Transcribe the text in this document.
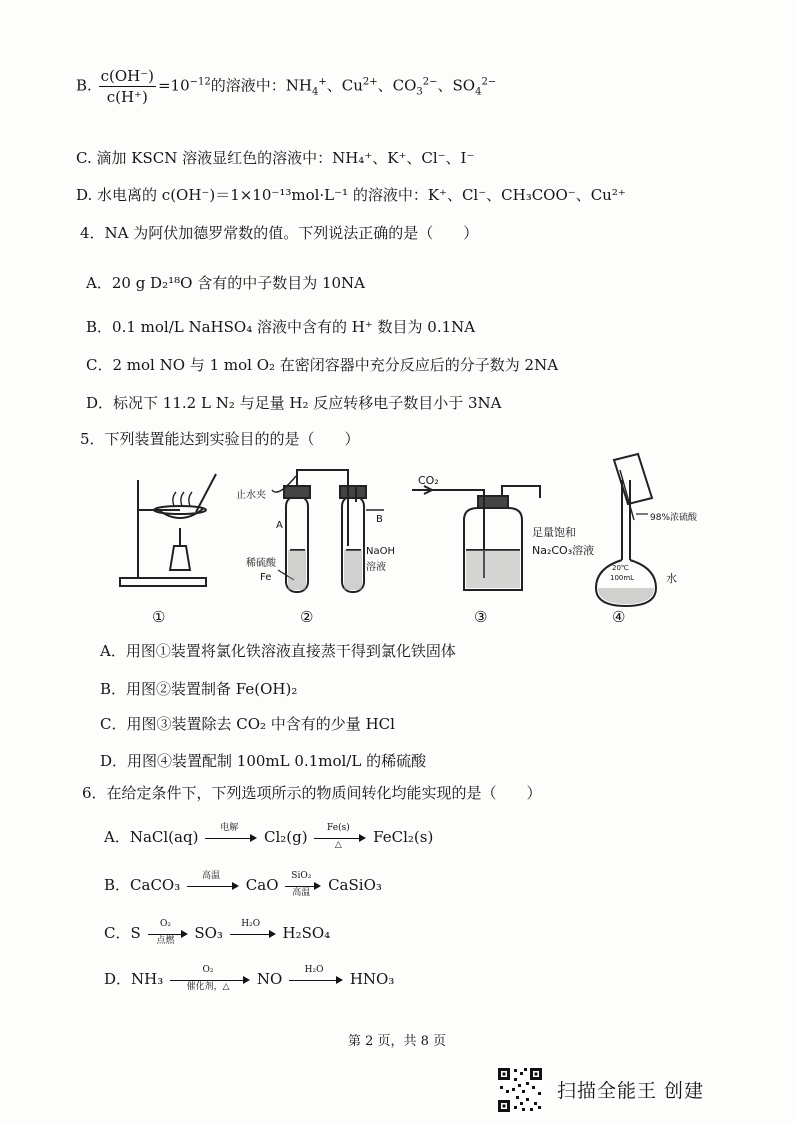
B. $\frac{c(OH^-)}{c(H^+)} =10^{-12}$的溶液中：$NH_4^+$、$Cu^{2+}$、$CO_3^{2-}$、$SO_4^{2-}$
C. 滴加 KSCN 溶液显红色的溶液中：NH₄⁺、K⁺、Cl⁻、I⁻
D. 水电离的 c(OH⁻)＝1×10⁻¹³mol·L⁻¹ 的溶液中：K⁺、Cl⁻、CH₃COO⁻、Cu²⁺
4．NA 为阿伏加德罗常数的值。下列说法正确的是（　　）
A．20 g D₂¹⁸O 含有的中子数目为 10NA
B．0.1 mol/L NaHSO₄ 溶液中含有的 H⁺ 数目为 0.1NA
C．2 mol NO 与 1 mol O₂ 在密闭容器中充分反应后的分子数为 2NA
D．标况下 11.2 L N₂ 与足量 H₂ 反应转移电子数目小于 3NA
5．下列装置能达到实验目的的是（　　）
①	②	③	④
止水夹
A
B
稀硫酸
Fe
NaOH
溶液
CO₂
足量饱和
Na₂CO₃溶液
98%浓硫酸
水
20℃
100mL
A．用图①装置将氯化铁溶液直接蒸干得到氯化铁固体
B．用图②装置制备 Fe(OH)₂
C．用图③装置除去 CO₂ 中含有的少量 HCl
D．用图④装置配制 100mL 0.1mol/L 的稀硫酸
6．在给定条件下，下列选项所示的物质间转化均能实现的是（　　）
A．NaCl(aq)	电解	Cl₂(g)	Fe(s)
△	FeCl₂(s)
B．CaCO₃	高温	CaO	SiO₂
高温	CaSiO₃
C．S	O₂
点燃	SO₃	H₂O	H₂SO₄
D．NH₃	O₂
催化剂，△	NO	H₂O	HNO₃
第 2 页，共 8 页
扫描全能王 创建
